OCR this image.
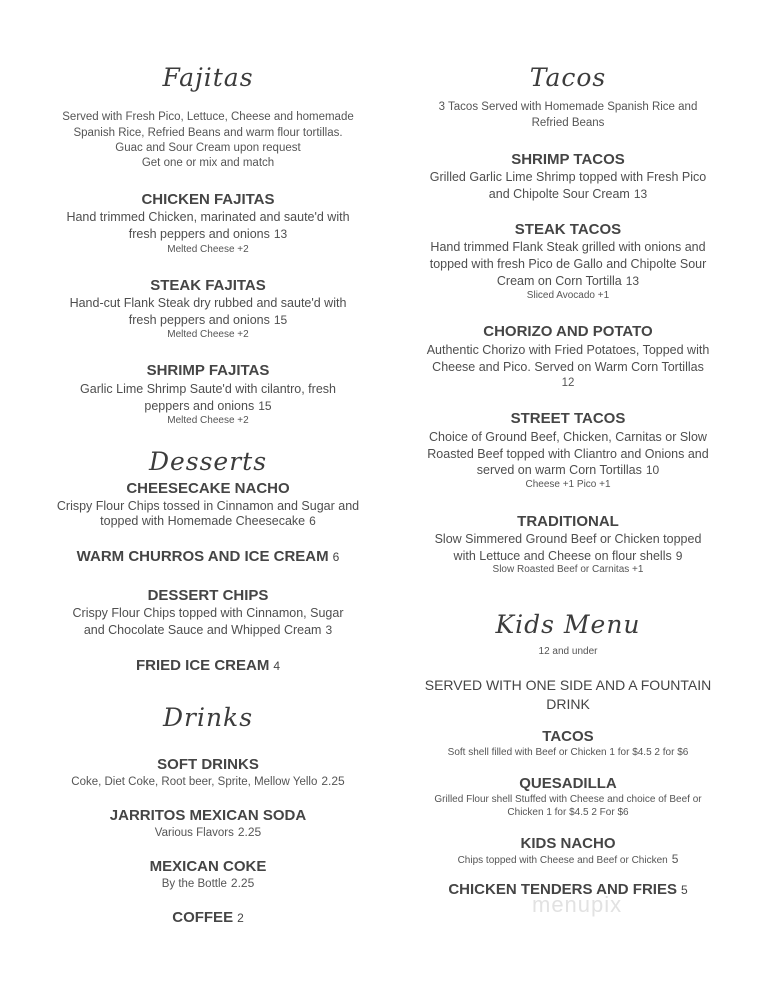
menupix
Fajitas
Served with Fresh Pico, Lettuce, Cheese and homemade
Spanish Rice, Refried Beans and warm flour tortillas.
Guac and Sour Cream upon request
Get one or mix and match
CHICKEN FAJITAS
Hand trimmed Chicken, marinated and saute'd with
fresh peppers and onions 13
Melted Cheese +2
STEAK FAJITAS
Hand-cut Flank Steak dry rubbed and saute'd with
fresh peppers and onions 15
Melted Cheese +2
SHRIMP FAJITAS
Garlic Lime Shrimp Saute'd with cilantro, fresh
peppers and onions 15
Melted Cheese +2
Desserts
CHEESECAKE NACHO
Crispy Flour Chips tossed in Cinnamon and Sugar and
topped with Homemade Cheesecake 6
WARM CHURROS AND ICE CREAM 6
DESSERT CHIPS
Crispy Flour Chips topped with Cinnamon, Sugar
and Chocolate Sauce and Whipped Cream 3
FRIED ICE CREAM 4
Drinks
SOFT DRINKS
Coke, Diet Coke, Root beer, Sprite, Mellow Yello 2.25
JARRITOS MEXICAN SODA
Various Flavors 2.25
MEXICAN COKE
By the Bottle 2.25
COFFEE 2
Tacos
3 Tacos Served with Homemade Spanish Rice and
Refried Beans
SHRIMP TACOS
Grilled Garlic Lime Shrimp topped with Fresh Pico
and Chipolte Sour Cream 13
STEAK TACOS
Hand trimmed Flank Steak grilled with onions and
topped with fresh Pico de Gallo and Chipolte Sour
Cream on Corn Tortilla 13
Sliced Avocado +1
CHORIZO AND POTATO
Authentic Chorizo with Fried Potatoes, Topped with
Cheese and Pico. Served on Warm Corn Tortillas
12
STREET TACOS
Choice of Ground Beef, Chicken, Carnitas or Slow
Roasted Beef topped with Cliantro and Onions and
served on warm Corn Tortillas 10
Cheese +1 Pico +1
TRADITIONAL
Slow Simmered Ground Beef or Chicken topped
with Lettuce and Cheese on flour shells 9
Slow Roasted Beef or Carnitas +1
Kids Menu
12 and under
SERVED WITH ONE SIDE AND A FOUNTAIN
DRINK
TACOS
Soft shell filled with Beef or Chicken 1 for $4.5 2 for $6
QUESADILLA
Grilled Flour shell Stuffed with Cheese and choice of Beef or
Chicken 1 for $4.5 2 For $6
KIDS NACHO
Chips topped with Cheese and Beef or Chicken 5
CHICKEN TENDERS AND FRIES 5
